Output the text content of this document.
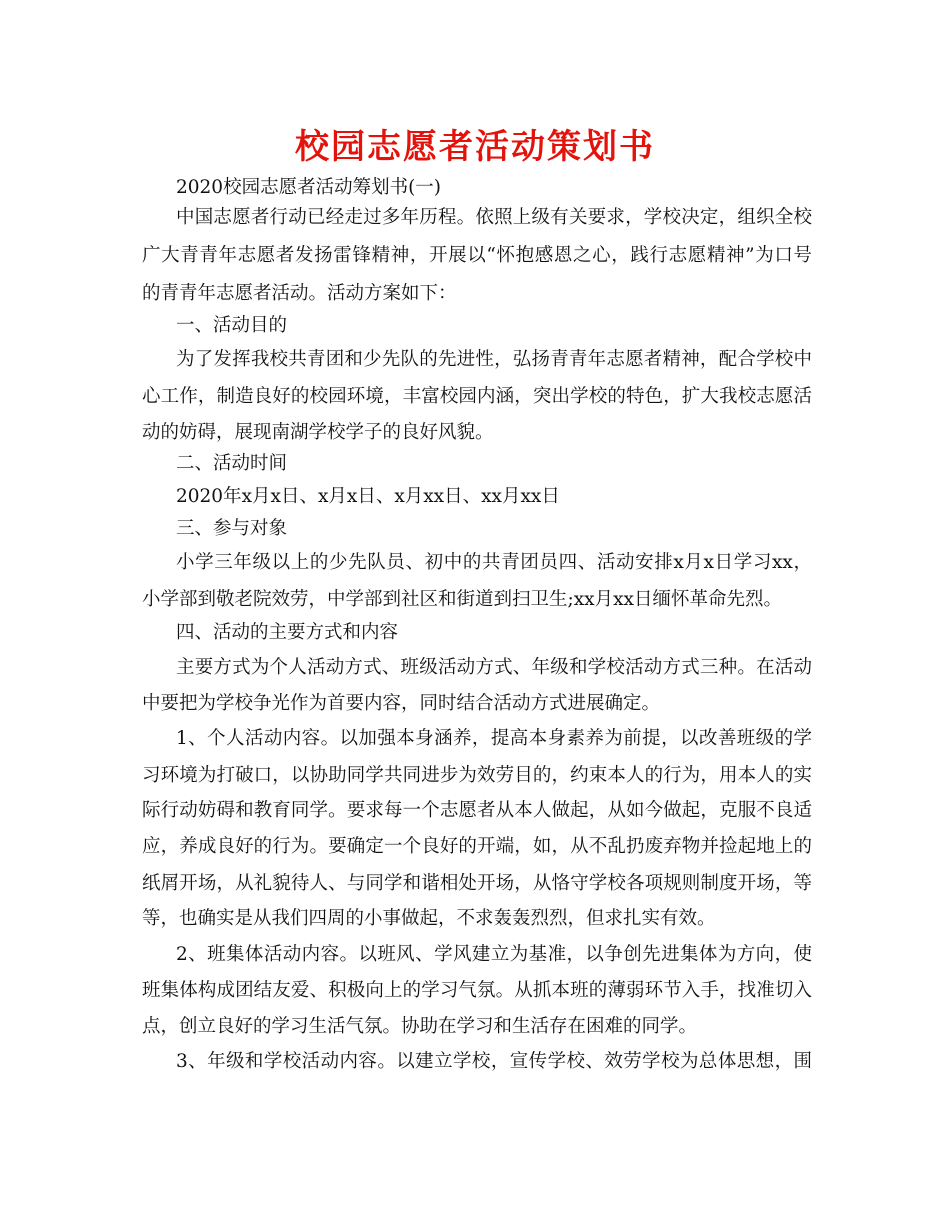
校园志愿者活动策划书

2020校园志愿者活动筹划书(一)

中国志愿者行动已经走过多年历程。依照上级有关要求，学校决定，组织全校

广大青青年志愿者发扬雷锋精神，开展以“怀抱感恩之心，践行志愿精神”为口号

的青青年志愿者活动。活动方案如下：

一、活动目的

为了发挥我校共青团和少先队的先进性，弘扬青青年志愿者精神，配合学校中

心工作，制造良好的校园环境，丰富校园内涵，突出学校的特色，扩大我校志愿活

动的妨碍，展现南湖学校学子的良好风貌。

二、活动时间

2020年x月x日、x月x日、x月xx日、xx月xx日

三、参与对象

小学三年级以上的少先队员、初中的共青团员四、活动安排x月x日学习xx，

小学部到敬老院效劳，中学部到社区和街道到扫卫生;xx月xx日缅怀革命先烈。

四、活动的主要方式和内容

主要方式为个人活动方式、班级活动方式、年级和学校活动方式三种。在活动

中要把为学校争光作为首要内容，同时结合活动方式进展确定。

1、个人活动内容。以加强本身涵养，提高本身素养为前提，以改善班级的学

习环境为打破口，以协助同学共同进步为效劳目的，约束本人的行为，用本人的实

际行动妨碍和教育同学。要求每一个志愿者从本人做起，从如今做起，克服不良适

应，养成良好的行为。要确定一个良好的开端，如，从不乱扔废弃物并捡起地上的

纸屑开场，从礼貌待人、与同学和谐相处开场，从恪守学校各项规则制度开场，等

等，也确实是从我们四周的小事做起，不求轰轰烈烈，但求扎实有效。

2、班集体活动内容。以班风、学风建立为基准，以争创先进集体为方向，使

班集体构成团结友爱、积极向上的学习气氛。从抓本班的薄弱环节入手，找准切入

点，创立良好的学习生活气氛。协助在学习和生活存在困难的同学。

3、年级和学校活动内容。以建立学校，宣传学校、效劳学校为总体思想，围
